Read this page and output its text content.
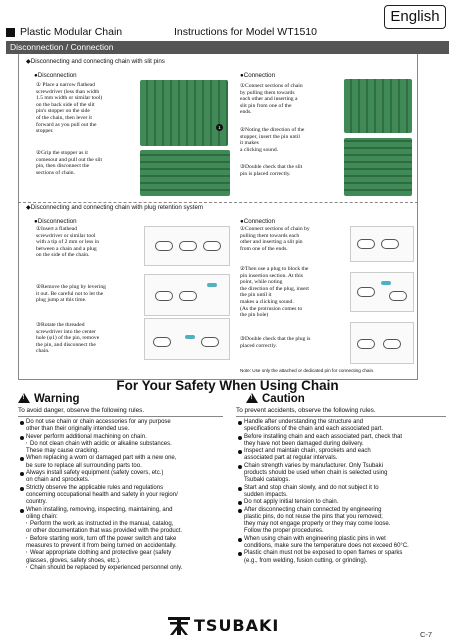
English
Plastic Modular Chain	Instructions for Model WT1510
Disconnection / Connection
◆Disconnecting and connecting chain with slit pins
●Disconnection	●Connection
① Place a narrow flathead
screwdriver (less than width
1.5 mm width or similar tool)
on the back side of the slit
pin's stopper on the side
of the chain, then lever it
forward as you pull out the
stopper.
②Grip the stopper as it
comesout and pull out the slit
pin, then disconnect the
sections of chain.
1
①Connect sections of chain
by pulling them towards
each other and inserting a
slit pin from one of the
ends.
②Noting the direction of the
stopper, insert the pin until
it makes
a clicking sound.
③Double check that the slit
pin is placed correctly.
◆Disconnecting and connecting chain with plug retention system
●Disconnection	●Connection
①Insert a flathead
screwdriver or similar tool
with a tip of 2 mm or less in
between a chain and a plug
on the side of the chain.
②Remove the plug by levering
it out. Be careful not to let the
plug jump at this time.
③Rotate the threaded
screwdriver into the center
hole (φ1) of the pin, remove
the pin, and disconnect the
chain.
①Connect sections of chain by
pulling them towards each
other and inserting a slit pin
from one of the ends.
②Then use a plug to block the
pin insertion section. At this
point, while noting
the direction of the plug, insert
the pin until it
makes a clicking sound.
(As the protrusion comes to
the pin hole)
③Double check that the plug is
placed correctly.
Note: Use only the attached or dedicated pin for connecting chain.
For Your Safety When Using Chain
!Warning
To avoid danger, observe the following rules.
Do not use chain or chain accessories for any purpose
other than their originally intended use.
Never perform additional machining on chain.
・ Do not clean chain with acidic or alkaline substances.
These may cause cracking.
When replacing a worn or damaged part with a new one,
be sure to replace all surrounding parts too.
Always install safety equipment (safety covers, etc.)
on chain and sprockets.
Strictly observe the applicable rules and regulations
concerning occupational health and safety in your region/
country.
When installing, removing, inspecting, maintaining, and
oiling chain:
・ Perform the work as instructed in the manual, catalog,
or other documentation that was provided with the product.
・ Before starting work, turn off the power switch and take
measures to prevent it from being turned on accidentally.
・ Wear appropriate clothing and protective gear (safety
glasses, gloves, safety shoes, etc.).
・ Chain should be replaced by experienced personnel only.
!Caution
To prevent accidents, observe the following rules.
Handle after understanding the structure and
specifications of the chain and each associated part.
Before installing chain and each associated part, check that
they have not been damaged during delivery.
Inspect and maintain chain, sprockets and each
associated part at regular intervals.
Chain strength varies by manufacturer. Only Tsubaki
products should be used when chain is selected using
Tsubaki catalogs.
Start and stop chain slowly, and do not subject it to
sudden impacts.
Do not apply initial tension to chain.
After disconnecting chain connected by engineering
plastic pins, do not reuse the pins that you removed;
they may not engage properly or they may come loose.
Follow the proper procedures.
When using chain with engineering plastic pins in wet
conditions, make sure the temperature does not exceed 60°C.
Plastic chain must not be exposed to open flames or sparks
(e.g., from welding, fusion cutting, or grinding).
TSUBAKI	C-7
